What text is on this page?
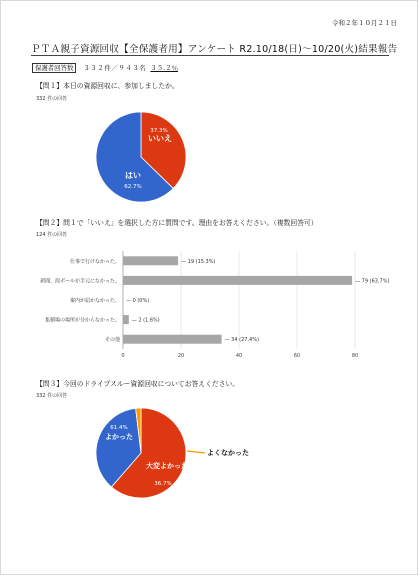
令和２年１０月２１日
ＰＴＡ親子資源回収【全保護者用】アンケート R2.10/18(日)～10/20(火)結果報告
保護者回答数 ３３２件／９４３名 ３５.２％
【問１】本日の資源回収に、参加しましたか。
332 件の回答
いいえ
37.3%
はい
62.7%
【問２】問１で「いいえ」を選択した方に質問です。理由をお答えください。（複数回答可）
124 件の回答
0	20	40	60	80
仕事で行けなかった。	— 19 (15.3%)
新聞、段ボールが手元になかった。	— 79 (63.7%)
案内が届かなかった。 — 0 (0%)
集積場の場所が分からなかった。 — 2 (1.6%)
その他	— 34 (27.4%)
【問３】今回のドライブスルー資源回収についてお答えください。
332 件の回答
よかった
61.4%
大変よかった
36.7%
よくなかった
